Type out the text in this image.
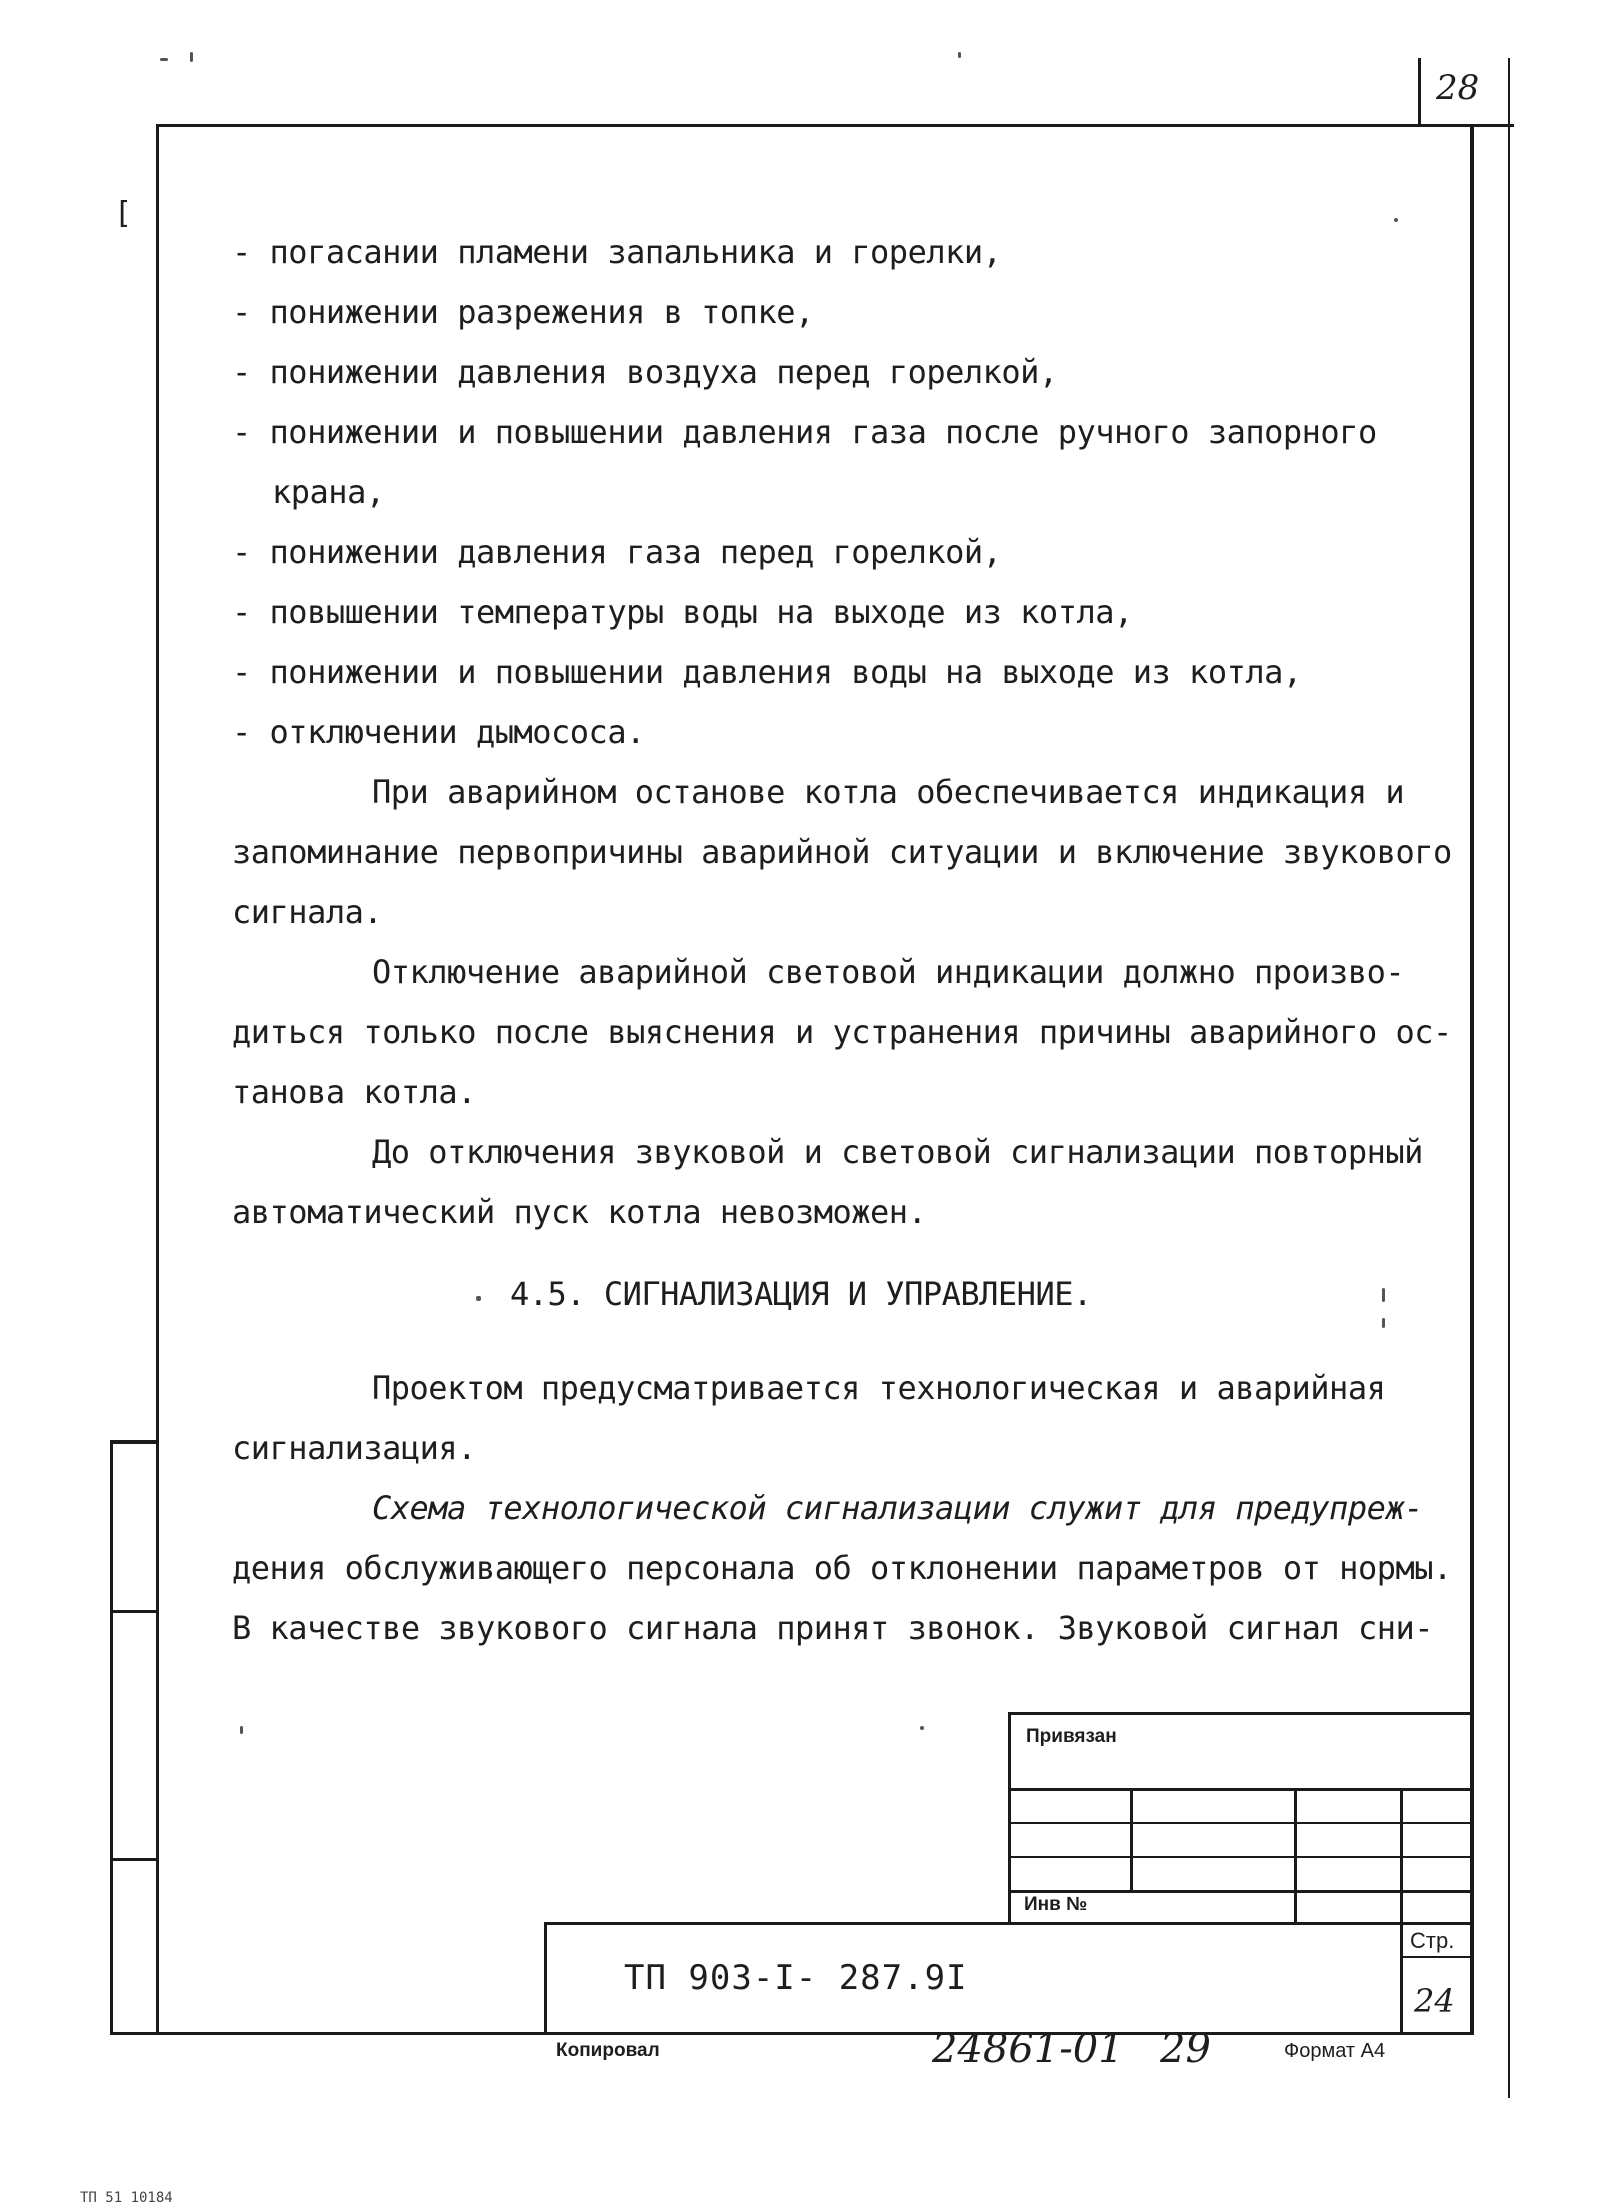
28
[
- погасании пламени запальника и горелки,
- понижении разрежения в топке,
- понижении давления воздуха перед горелкой,
- понижении и повышении давления газа после ручного запорного
крана,
- понижении давления газа перед горелкой,
- повышении температуры воды на выходе из котла,
- понижении и повышении давления воды на выходе из котла,
- отключении дымососа.
При аварийном останове котла обеспечивается индикация и
запоминание первопричины аварийной ситуации и включение звукового
сигнала.
Отключение аварийной световой индикации должно произво-
диться только после выяснения и устранения причины аварийного ос-
танова котла.
До отключения звуковой и световой сигнализации повторный
автоматический пуск котла невозможен.
4.5. СИГНАЛИЗАЦИЯ И УПРАВЛЕНИЕ.
Проектом предусматривается технологическая и аварийная
сигнализация.
Схема технологической сигнализации служит для предупреж-
дения обслуживающего персонала об отклонении параметров от нормы.
В качестве звукового сигнала принят звонок. Звуковой сигнал сни-
Привязан
Инв №
Стр.
24
ТП 903-I- 287.9I
Копировал	24861-01 29	Формат А4
ТП 51 10184
